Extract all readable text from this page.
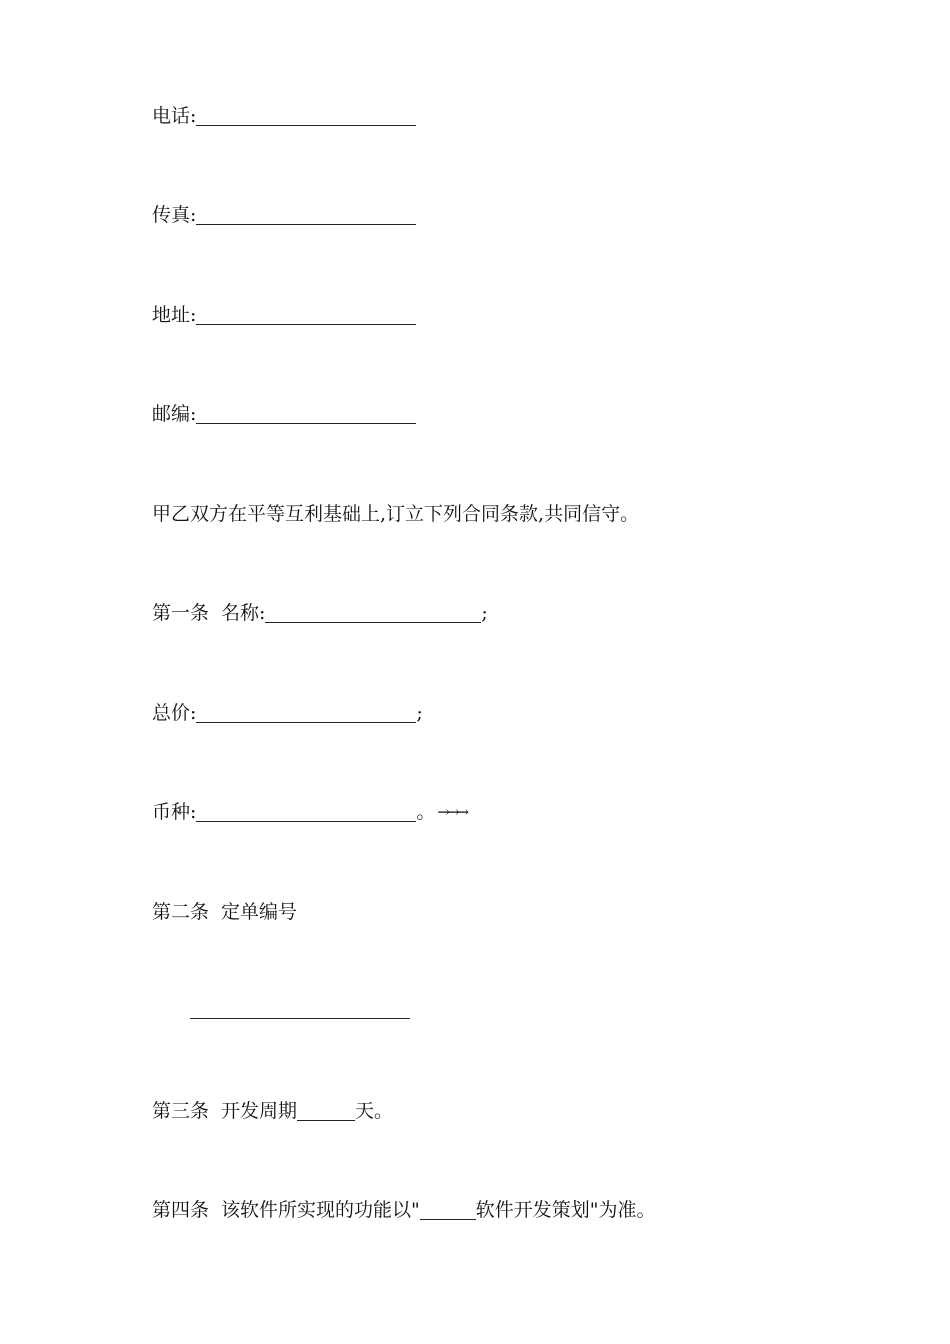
电话:
传真:
地址:
邮编:
甲乙双方在平等互利基础上,订立下列合同条款,共同信守。
第一条 名称:	;
总价:	;
币种:	。 →→→
第二条 定单编号
第三条 开发周期	天。
第四条 该软件所实现的功能以"	软件开发策划"为准。
